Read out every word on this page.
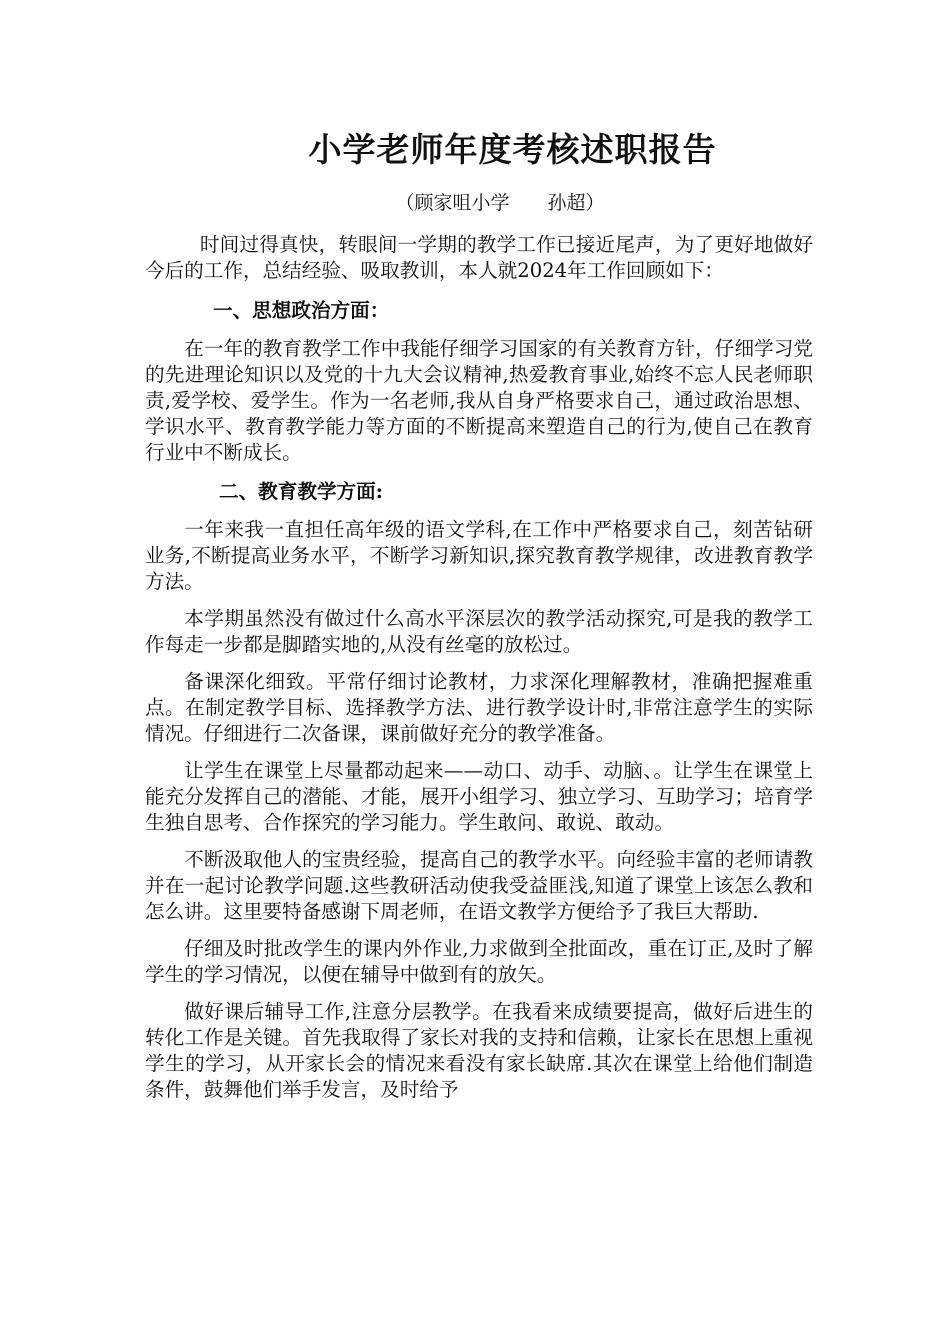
小学老师年度考核述职报告
（顾家咀小学　　孙超）

时间过得真快，转眼间一学期的教学工作已接近尾声，为了更好地做好今后的工作，总结经验、吸取教训，本人就2024年工作回顾如下：

一、思想政治方面：

在一年的教育教学工作中我能仔细学习国家的有关教育方针，仔细学习党的先进理论知识以及党的十九大会议精神,热爱教育事业,始终不忘人民老师职责,爱学校、爱学生。作为一名老师,我从自身严格要求自己，通过政治思想、学识水平、教育教学能力等方面的不断提高来塑造自己的行为,使自己在教育行业中不断成长。

二、教育教学方面:

一年来我一直担任高年级的语文学科,在工作中严格要求自己，刻苦钻研业务,不断提高业务水平，不断学习新知识,探究教育教学规律，改进教育教学方法。

本学期虽然没有做过什么高水平深层次的教学活动探究,可是我的教学工作每走一步都是脚踏实地的,从没有丝毫的放松过。

备课深化细致。平常仔细讨论教材，力求深化理解教材，准确把握难重点。在制定教学目标、选择教学方法、进行教学设计时,非常注意学生的实际情况。仔细进行二次备课，课前做好充分的教学准备。

让学生在课堂上尽量都动起来——动口、动手、动脑、。让学生在课堂上能充分发挥自己的潜能、才能，展开小组学习、独立学习、互助学习；培育学生独自思考、合作探究的学习能力。学生敢问、敢说、敢动。

不断汲取他人的宝贵经验，提高自己的教学水平。向经验丰富的老师请教并在一起讨论教学问题.这些教研活动使我受益匪浅,知道了课堂上该怎么教和怎么讲。这里要特备感谢下周老师，在语文教学方便给予了我巨大帮助.

仔细及时批改学生的课内外作业,力求做到全批面改，重在订正,及时了解学生的学习情况，以便在辅导中做到有的放矢。

做好课后辅导工作,注意分层教学。在我看来成绩要提高，做好后进生的转化工作是关键。首先我取得了家长对我的支持和信赖，让家长在思想上重视学生的学习，从开家长会的情况来看没有家长缺席.其次在课堂上给他们制造条件，鼓舞他们举手发言，及时给予
